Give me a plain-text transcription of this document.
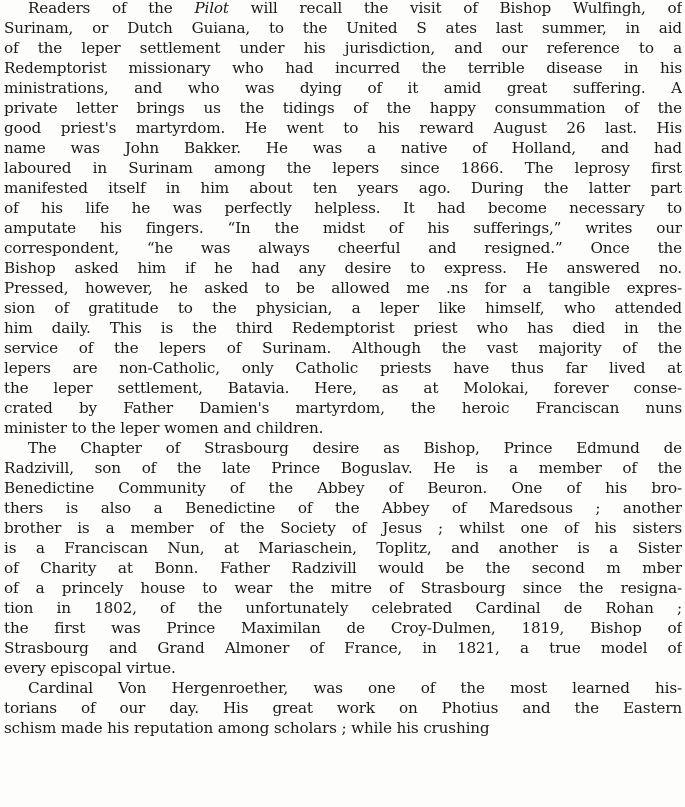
Readers of the Pilot will recall the visit of Bishop Wulfingh, of
Surinam, or Dutch Guiana, to the United S ates last summer, in aid
of the leper settlement under his jurisdiction, and our reference to a
Redemptorist missionary who had incurred the terrible disease in his
ministrations, and who was dying of it amid great suffering. A
private letter brings us the tidings of the happy consummation of the
good priest's martyrdom. He went to his reward August 26 last. His
name was John Bakker. He was a native of Holland, and had
laboured in Surinam among the lepers since 1866. The leprosy first
manifested itself in him about ten years ago. During the latter part
of his life he was perfectly helpless. It had become necessary to
amputate his fingers. “In the midst of his sufferings,” writes our
correspondent, “he was always cheerful and resigned.” Once the
Bishop asked him if he had any desire to express. He answered no.
Pressed, however, he asked to be allowed me .ns for a tangible expres-
sion of gratitude to the physician, a leper like himself, who attended
him daily. This is the third Redemptorist priest who has died in the
service of the lepers of Surinam. Although the vast majority of the
lepers are non-Catholic, only Catholic priests have thus far lived at
the leper settlement, Batavia. Here, as at Molokai, forever conse-
crated by Father Damien's martyrdom, the heroic Franciscan nuns
minister to the leper women and children.
The Chapter of Strasbourg desire as Bishop, Prince Edmund de
Radzivill, son of the late Prince Boguslav. He is a member of the
Benedictine Community of the Abbey of Beuron. One of his bro-
thers is also a Benedictine of the Abbey of Maredsous ; another
brother is a member of the Society of Jesus ; whilst one of his sisters
is a Franciscan Nun, at Mariaschein, Toplitz, and another is a Sister
of Charity at Bonn. Father Radzivill would be the second m mber
of a princely house to wear the mitre of Strasbourg since the resigna-
tion in 1802, of the unfortunately celebrated Cardinal de Rohan ;
the first was Prince Maximilan de Croy-Dulmen, 1819, Bishop of
Strasbourg and Grand Almoner of France, in 1821, a true model of
every episcopal virtue.
Cardinal Von Hergenroether, was one of the most learned his-
torians of our day. His great work on Photius and the Eastern
schism made his reputation among scholars ; while his crushing
